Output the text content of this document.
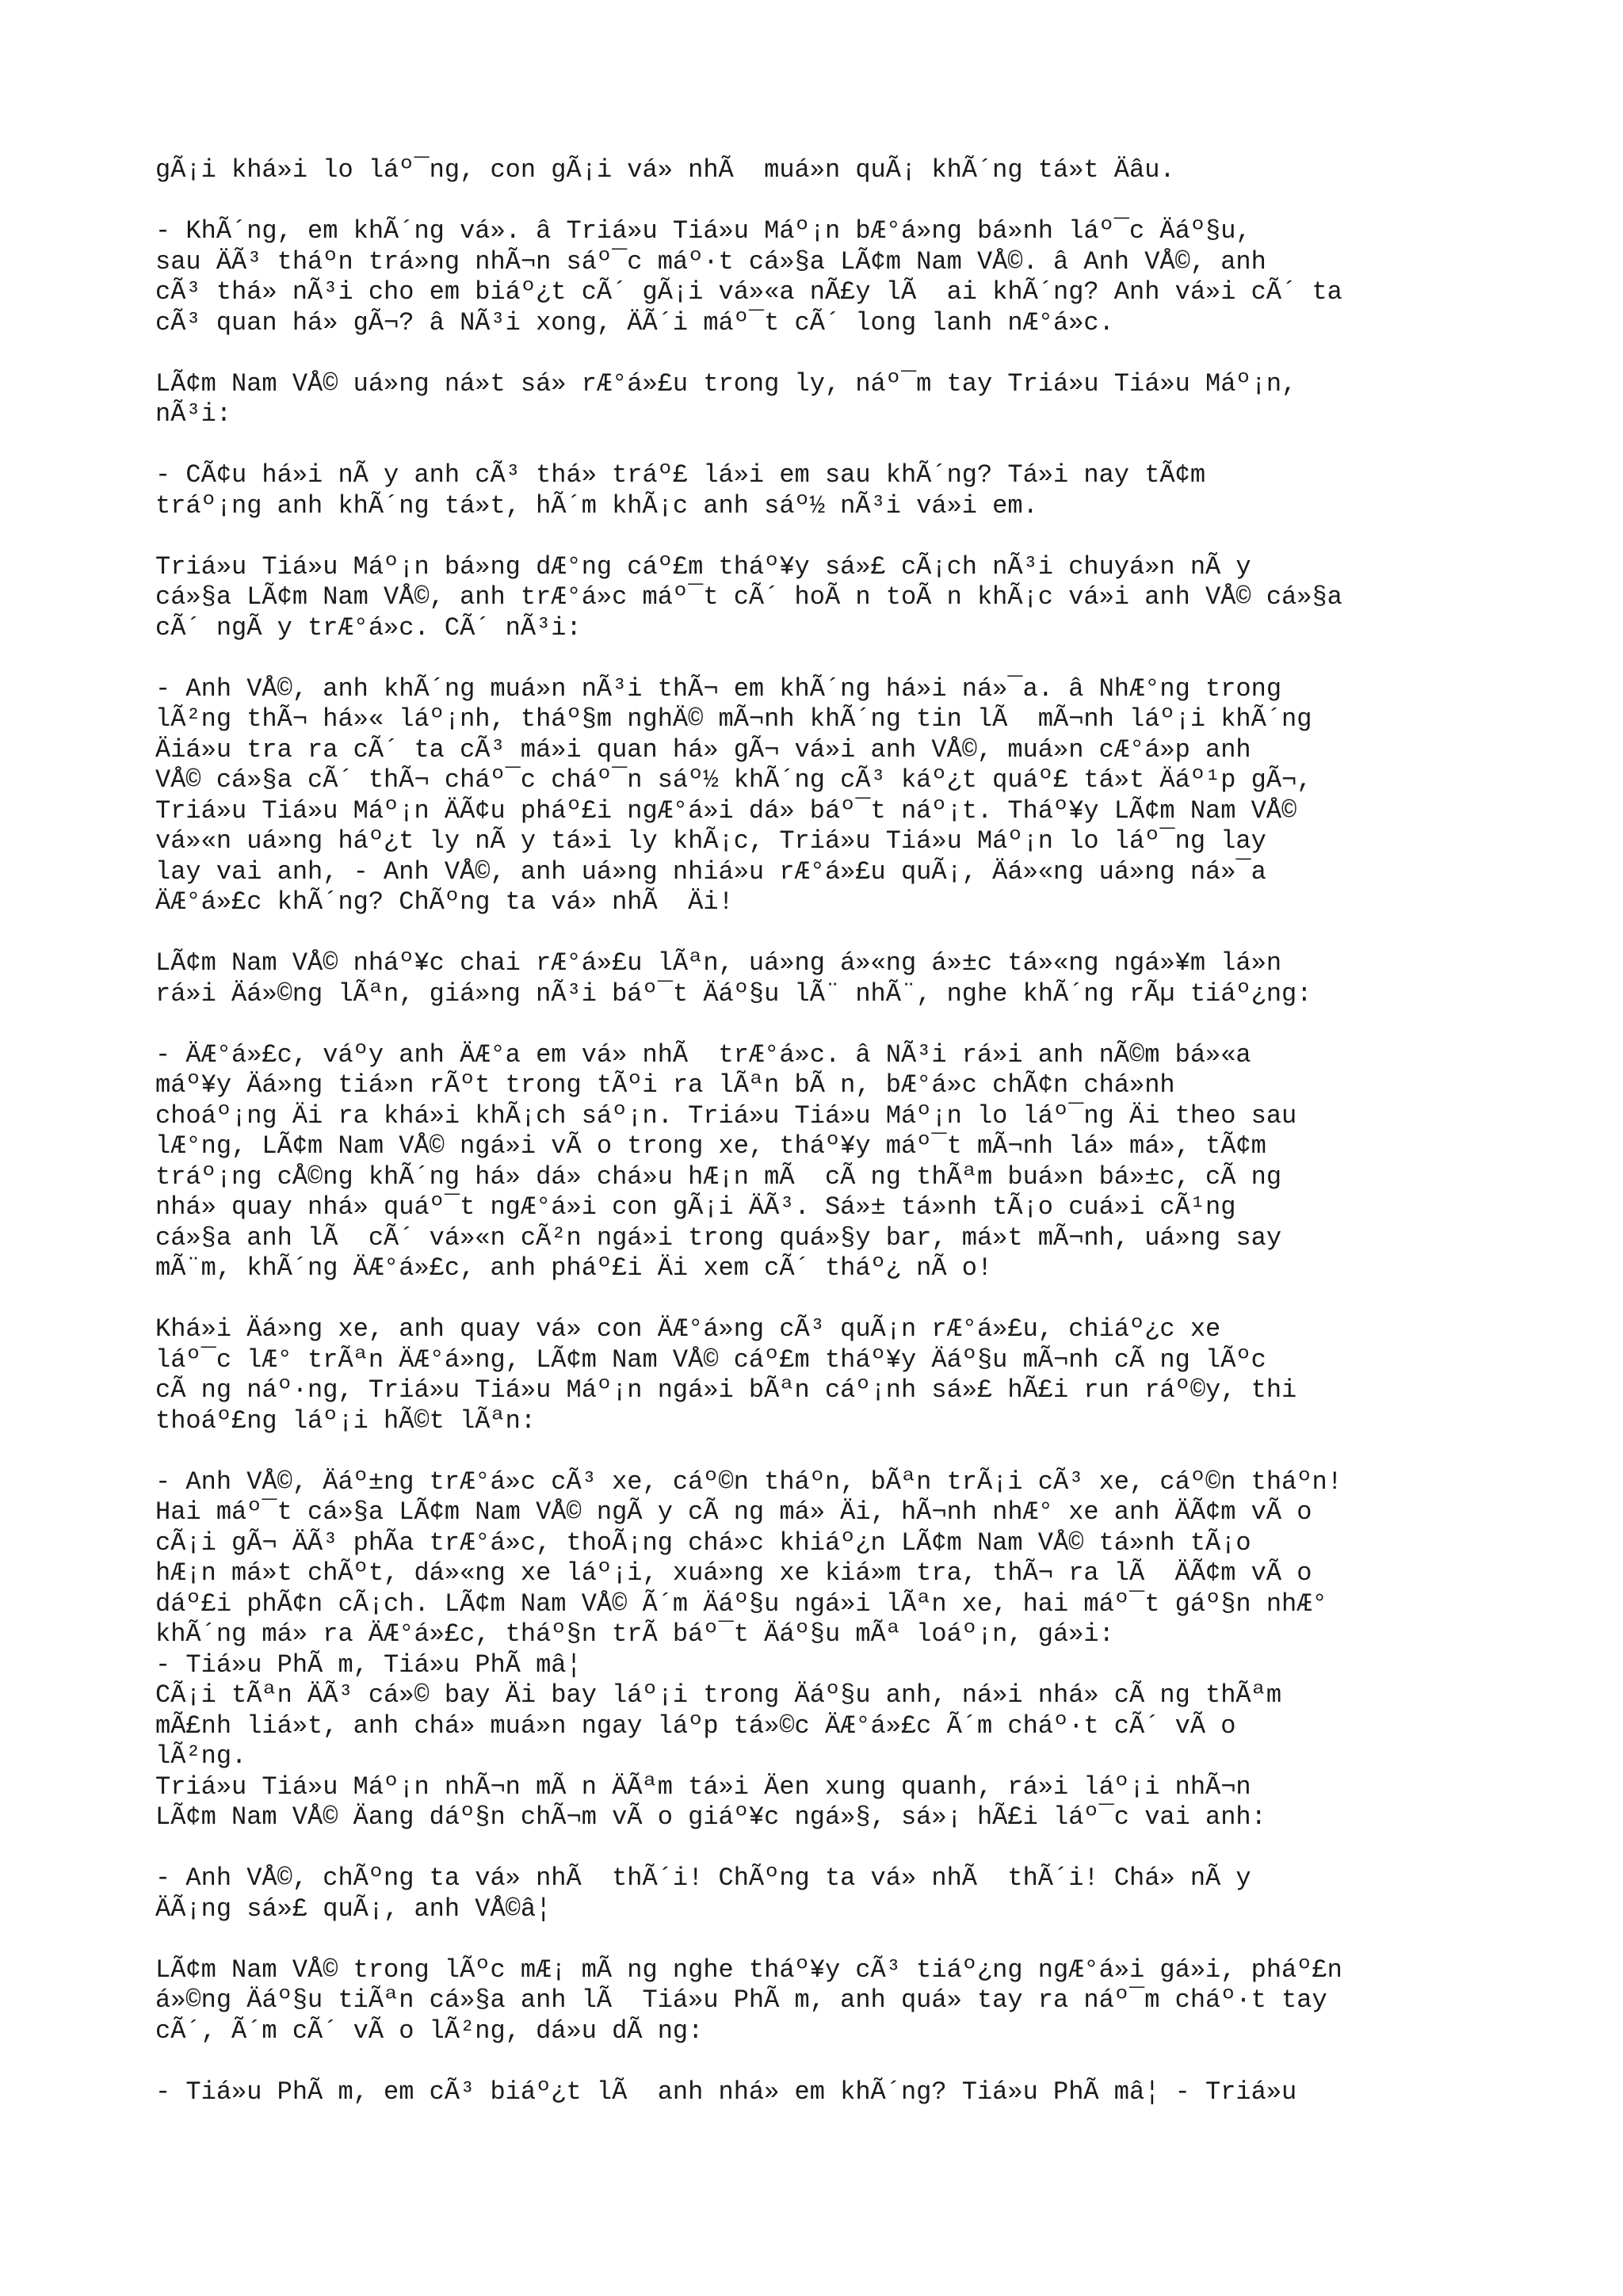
gÃ¡i khá»i lo láº¯ng, con gÃ¡i vá» nhÃ  muá»n quÃ¡ khÃ´ng tá»t Äâu.

- KhÃ´ng, em khÃ´ng vá». â Triá»u Tiá»u Máº¡n bÆ°á»ng bá»nh láº¯c Äáº§u,
sau ÄÃ³ tháºn trá»ng nhÃ¬n sáº¯c máº·t cá»§a LÃ¢m Nam VÅ©. â Anh VÅ©, anh
cÃ³ thá» nÃ³i cho em biáº¿t cÃ´ gÃ¡i vá»«a nÃ£y lÃ  ai khÃ´ng? Anh vá»i cÃ´ ta
cÃ³ quan há» gÃ¬? â NÃ³i xong, ÄÃ´i máº¯t cÃ´ long lanh nÆ°á»c.

LÃ¢m Nam VÅ© uá»ng ná»t sá» rÆ°á»£u trong ly, náº¯m tay Triá»u Tiá»u Máº¡n,
nÃ³i:

- CÃ¢u há»i nÃ y anh cÃ³ thá» tráº£ lá»i em sau khÃ´ng? Tá»i nay tÃ¢m
tráº¡ng anh khÃ´ng tá»t, hÃ´m khÃ¡c anh sáº½ nÃ³i vá»i em.

Triá»u Tiá»u Máº¡n bá»ng dÆ°ng cáº£m tháº¥y sá»£ cÃ¡ch nÃ³i chuyá»n nÃ y
cá»§a LÃ¢m Nam VÅ©, anh trÆ°á»c máº¯t cÃ´ hoÃ n toÃ n khÃ¡c vá»i anh VÅ© cá»§a
cÃ´ ngÃ y trÆ°á»c. CÃ´ nÃ³i:

- Anh VÅ©, anh khÃ´ng muá»n nÃ³i thÃ¬ em khÃ´ng há»i ná»¯a. â NhÆ°ng trong
lÃ²ng thÃ¬ há»« láº¡nh, tháº§m nghÄ© mÃ¬nh khÃ´ng tin lÃ  mÃ¬nh láº¡i khÃ´ng
Äiá»u tra ra cÃ´ ta cÃ³ má»i quan há» gÃ¬ vá»i anh VÅ©, muá»n cÆ°á»p anh
VÅ© cá»§a cÃ´ thÃ¬ cháº¯c cháº¯n sáº½ khÃ´ng cÃ³ káº¿t quáº£ tá»t Äáº¹p gÃ¬,
Triá»u Tiá»u Máº¡n ÄÃ¢u pháº£i ngÆ°á»i dá» báº¯t náº¡t. Tháº¥y LÃ¢m Nam VÅ©
vá»«n uá»ng háº¿t ly nÃ y tá»i ly khÃ¡c, Triá»u Tiá»u Máº¡n lo láº¯ng lay
lay vai anh, - Anh VÅ©, anh uá»ng nhiá»u rÆ°á»£u quÃ¡, Äá»«ng uá»ng ná»¯a
ÄÆ°á»£c khÃ´ng? ChÃºng ta vá» nhÃ  Äi!

LÃ¢m Nam VÅ© nháº¥c chai rÆ°á»£u lÃªn, uá»ng á»«ng á»±c tá»«ng ngá»¥m lá»n
rá»i Äá»©ng lÃªn, giá»ng nÃ³i báº¯t Äáº§u lÃ¨ nhÃ¨, nghe khÃ´ng rÃµ tiáº¿ng:

- ÄÆ°á»£c, váºy anh ÄÆ°a em vá» nhÃ  trÆ°á»c. â NÃ³i rá»i anh nÃ©m bá»«a
máº¥y Äá»ng tiá»n rÃºt trong tÃºi ra lÃªn bÃ n, bÆ°á»c chÃ¢n chá»nh
choáº¡ng Äi ra khá»i khÃ¡ch sáº¡n. Triá»u Tiá»u Máº¡n lo láº¯ng Äi theo sau
lÆ°ng, LÃ¢m Nam VÅ© ngá»i vÃ o trong xe, tháº¥y máº¯t mÃ¬nh lá» má», tÃ¢m
tráº¡ng cÅ©ng khÃ´ng há» dá» chá»u hÆ¡n mÃ  cÃ ng thÃªm buá»n bá»±c, cÃ ng
nhá» quay nhá» quáº¯t ngÆ°á»i con gÃ¡i ÄÃ³. Sá»± tá»nh tÃ¡o cuá»i cÃ¹ng
cá»§a anh lÃ  cÃ´ vá»«n cÃ²n ngá»i trong quá»§y bar, má»t mÃ¬nh, uá»ng say
mÃ¨m, khÃ´ng ÄÆ°á»£c, anh pháº£i Äi xem cÃ´ tháº¿ nÃ o!

Khá»i Äá»ng xe, anh quay vá» con ÄÆ°á»ng cÃ³ quÃ¡n rÆ°á»£u, chiáº¿c xe
láº¯c lÆ° trÃªn ÄÆ°á»ng, LÃ¢m Nam VÅ© cáº£m tháº¥y Äáº§u mÃ¬nh cÃ ng lÃºc
cÃ ng náº·ng, Triá»u Tiá»u Máº¡n ngá»i bÃªn cáº¡nh sá»£ hÃ£i run ráº©y, thi
thoáº£ng láº¡i hÃ©t lÃªn:

- Anh VÅ©, Äáº±ng trÆ°á»c cÃ³ xe, cáº©n tháºn, bÃªn trÃ¡i cÃ³ xe, cáº©n tháºn!
Hai máº¯t cá»§a LÃ¢m Nam VÅ© ngÃ y cÃ ng má» Äi, hÃ¬nh nhÆ° xe anh ÄÃ¢m vÃ o
cÃ¡i gÃ¬ ÄÃ³ phÃa trÆ°á»c, thoÃ¡ng chá»c khiáº¿n LÃ¢m Nam VÅ© tá»nh tÃ¡o
hÆ¡n má»t chÃºt, dá»«ng xe láº¡i, xuá»ng xe kiá»m tra, thÃ¬ ra lÃ  ÄÃ¢m vÃ o
dáº£i phÃ¢n cÃ¡ch. LÃ¢m Nam VÅ© Ã´m Äáº§u ngá»i lÃªn xe, hai máº¯t gáº§n nhÆ°
khÃ´ng má» ra ÄÆ°á»£c, tháº§n trÃ báº¯t Äáº§u mÃª loáº¡n, gá»i:

- Tiá»u PhÃ m, Tiá»u PhÃ mâ¦

CÃ¡i tÃªn ÄÃ³ cá»© bay Äi bay láº¡i trong Äáº§u anh, ná»i nhá» cÃ ng thÃªm
mÃ£nh liá»t, anh chá» muá»n ngay láºp tá»©c ÄÆ°á»£c Ã´m cháº·t cÃ´ vÃ o
lÃ²ng.

Triá»u Tiá»u Máº¡n nhÃ¬n mÃ n ÄÃªm tá»i Äen xung quanh, rá»i láº¡i nhÃ¬n
LÃ¢m Nam VÅ© Äang dáº§n chÃ¬m vÃ o giáº¥c ngá»§, sá»¡ hÃ£i láº¯c vai anh:

- Anh VÅ©, chÃºng ta vá» nhÃ  thÃ´i! ChÃºng ta vá» nhÃ  thÃ´i! Chá» nÃ y
ÄÃ¡ng sá»£ quÃ¡, anh VÅ©â¦

LÃ¢m Nam VÅ© trong lÃºc mÆ¡ mÃ ng nghe tháº¥y cÃ³ tiáº¿ng ngÆ°á»i gá»i, pháº£n
á»©ng Äáº§u tiÃªn cá»§a anh lÃ  Tiá»u PhÃ m, anh quá» tay ra náº¯m cháº·t tay
cÃ´, Ã´m cÃ´ vÃ o lÃ²ng, dá»u dÃ ng:

- Tiá»u PhÃ m, em cÃ³ biáº¿t lÃ  anh nhá» em khÃ´ng? Tiá»u PhÃ mâ¦ - Triá»u
